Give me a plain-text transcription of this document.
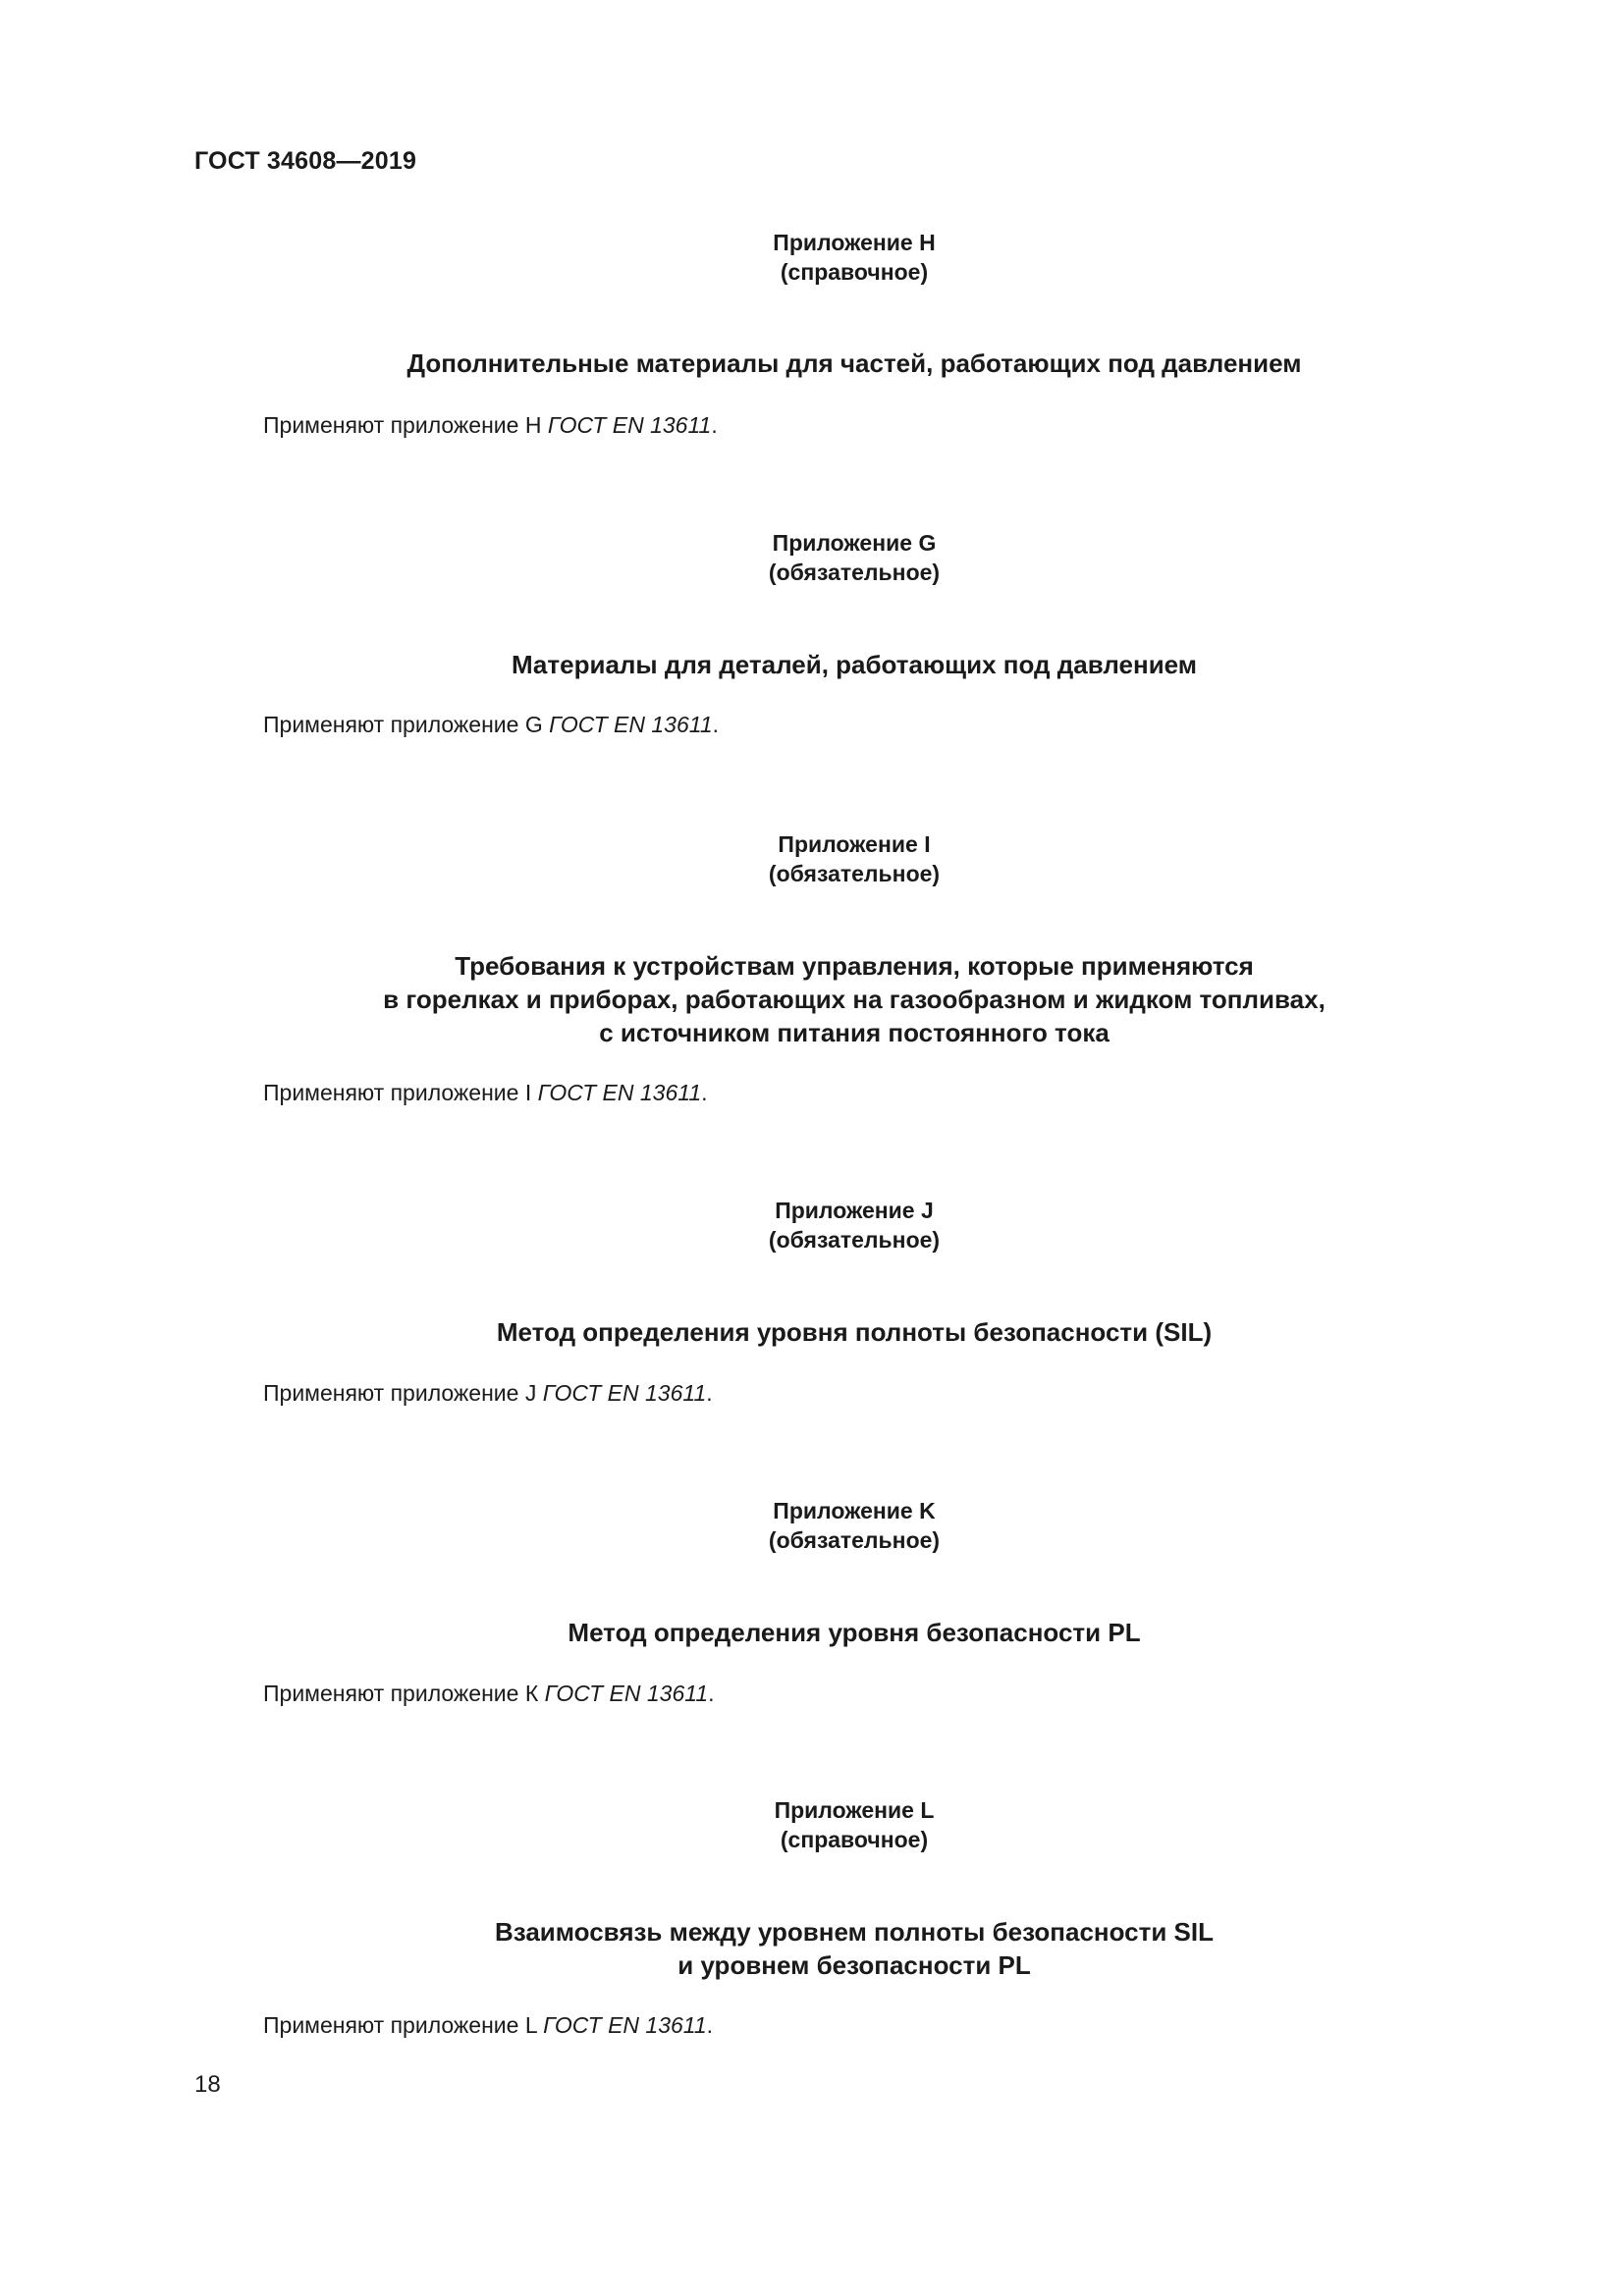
ГОСТ 34608—2019
Приложение Н
(справочное)
Дополнительные материалы для частей, работающих под давлением
Применяют приложение Н ГОСТ EN 13611.
Приложение G
(обязательное)
Материалы для деталей, работающих под давлением
Применяют приложение G ГОСТ EN 13611.
Приложение I
(обязательное)
Требования к устройствам управления, которые применяются
в горелках и приборах, работающих на газообразном и жидком топливах,
с источником питания постоянного тока
Применяют приложение I ГОСТ EN 13611.
Приложение J
(обязательное)
Метод определения уровня полноты безопасности (SIL)
Применяют приложение J ГОСТ EN 13611.
Приложение K
(обязательное)
Метод определения уровня безопасности PL
Применяют приложение К ГОСТ EN 13611.
Приложение L
(справочное)
Взаимосвязь между уровнем полноты безопасности SIL
и уровнем безопасности PL
Применяют приложение L ГОСТ EN 13611.
18
